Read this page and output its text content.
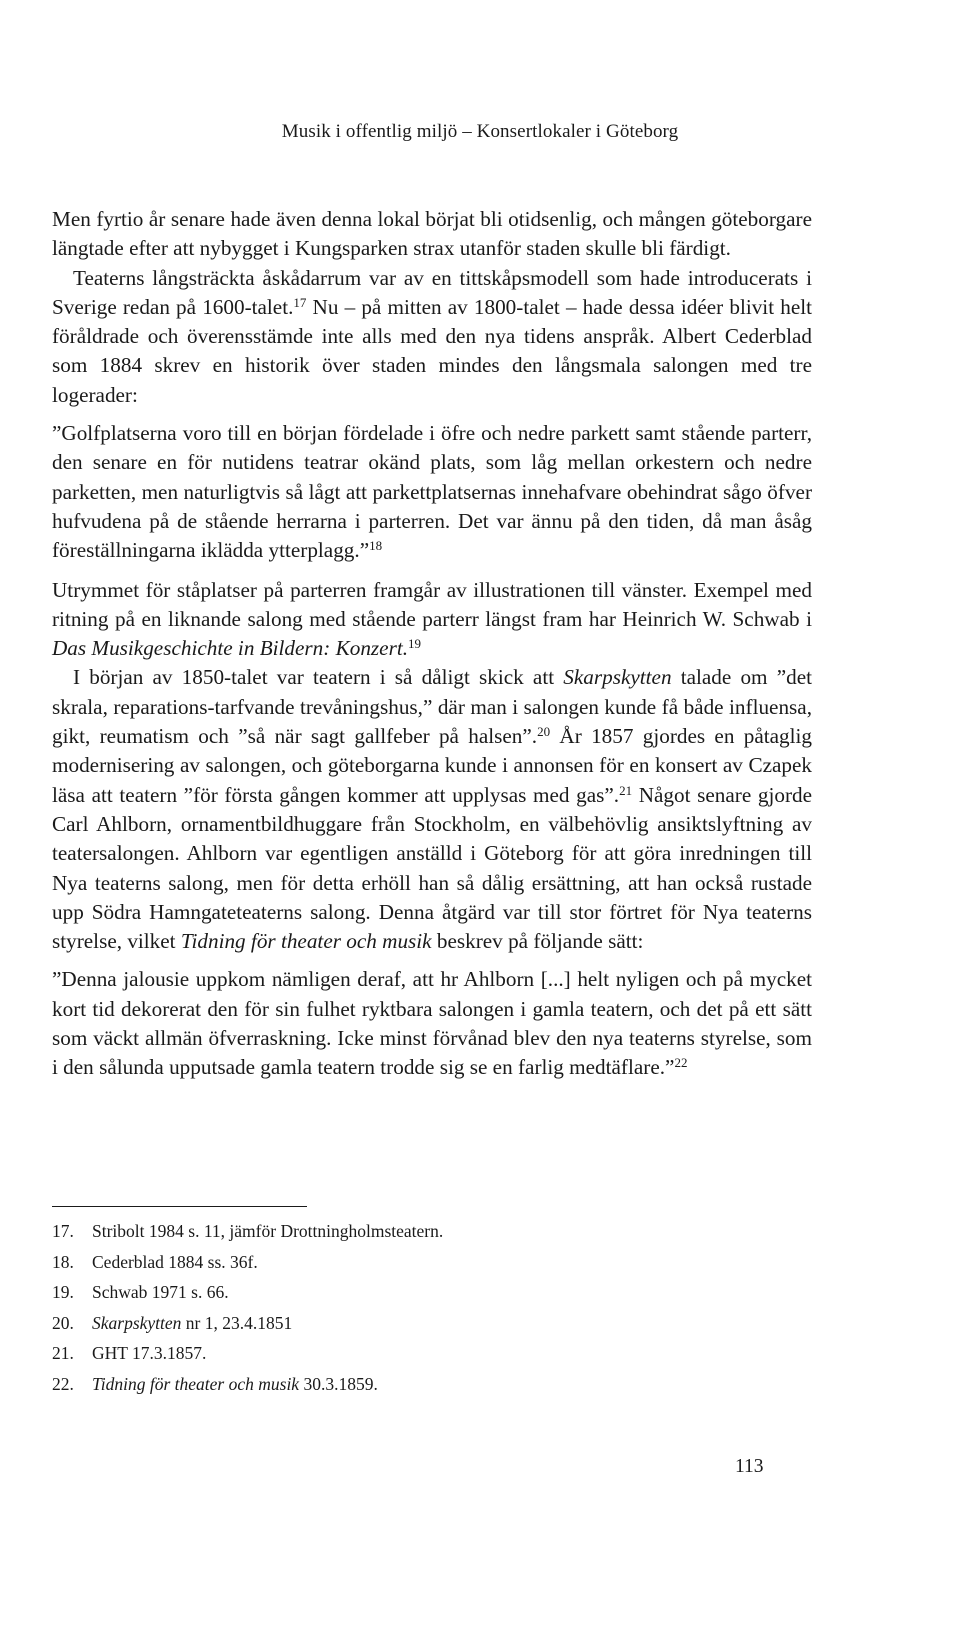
Musik i offentlig miljö – Konsertlokaler i Göteborg

Men fyrtio år senare hade även denna lokal börjat bli otidsenlig, och mången göteborgare längtade efter att nybygget i Kungsparken strax utanför staden skulle bli färdigt.

Teaterns långsträckta åskådarrum var av en tittskåpsmodell som hade introducerats i Sverige redan på 1600-talet.$^{17}$ Nu – på mitten av 1800-talet – hade dessa idéer blivit helt föråldrade och överensstämde inte alls med den nya tidens anspråk. Albert Cederblad som 1884 skrev en historik över staden mindes den långsmala salongen med tre logerader:

”Golfplatserna voro till en början fördelade i öfre och nedre parkett samt stående parterr, den senare en för nutidens teatrar okänd plats, som låg mellan orkestern och nedre parketten, men naturligtvis så lågt att parkettplatsernas innehafvare obehindrat sågo öfver hufvudena på de stående herrarna i parterren. Det var ännu på den tiden, då man åsåg föreställningarna iklädda ytterplagg.”$^{18}$

Utrymmet för ståplatser på parterren framgår av illustrationen till vänster. Exempel med ritning på en liknande salong med stående parterr längst fram har Heinrich W. Schwab i Das Musikgeschichte in Bildern: Konzert.$^{19}$

I början av 1850-talet var teatern i så dåligt skick att Skarpskytten talade om ”det skrala, reparations-tarfvande trevåningshus,” där man i salongen kunde få både influensa, gikt, reumatism och ”så när sagt gallfeber på halsen”.$^{20}$ År 1857 gjordes en påtaglig modernisering av salongen, och göteborgarna kunde i annonsen för en konsert av Czapek läsa att teatern ”för första gången kommer att upplysas med gas”.$^{21}$ Något senare gjorde Carl Ahlborn, ornamentbildhuggare från Stockholm, en välbehövlig ansiktslyftning av teatersalongen. Ahlborn var egentligen anställd i Göteborg för att göra inredningen till Nya teaterns salong, men för detta erhöll han så dålig ersättning, att han också rustade upp Södra Hamngateteaterns salong. Denna åtgärd var till stor förtret för Nya teaterns styrelse, vilket Tidning för theater och musik beskrev på följande sätt:

”Denna jalousie uppkom nämligen deraf, att hr Ahlborn [...] helt nyligen och på mycket kort tid dekorerat den för sin fulhet ryktbara salongen i gamla teatern, och det på ett sätt som väckt allmän öfverraskning. Icke minst förvånad blev den nya teaterns styrelse, som i den sålunda upputsade gamla teatern trodde sig se en farlig medtäflare.”$^{22}$

17.	Stribolt 1984 s. 11, jämför Drottningholmsteatern.
18.	Cederblad 1884 ss. 36f.
19.	Schwab 1971 s. 66.
20.	Skarpskytten nr 1, 23.4.1851
21.	GHT 17.3.1857.
22.	Tidning för theater och musik 30.3.1859.
113
